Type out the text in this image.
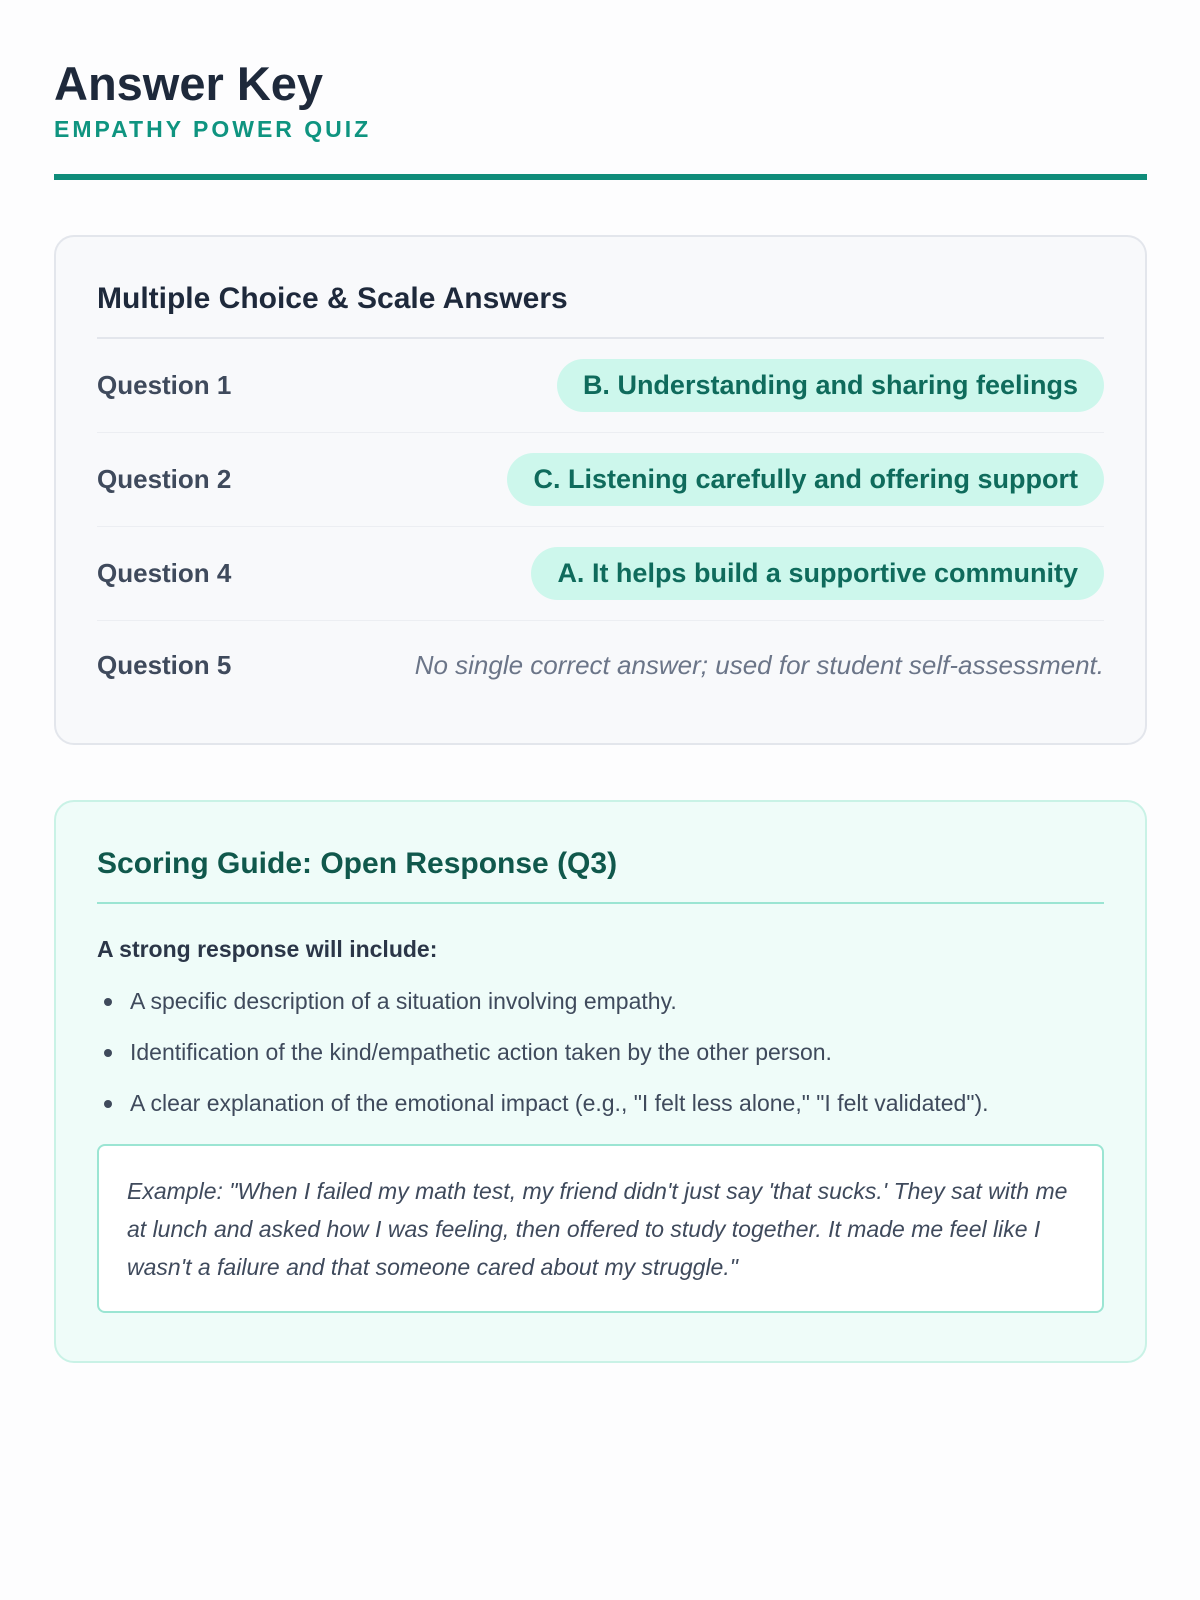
Answer Key
EMPATHY POWER QUIZ
Multiple Choice & Scale Answers
Question 1	B. Understanding and sharing feelings
Question 2	C. Listening carefully and offering support
Question 4	A. It helps build a supportive community
Question 5	No single correct answer; used for student self-assessment.
Scoring Guide: Open Response (Q3)
A strong response will include:
A specific description of a situation involving empathy.
Identification of the kind/empathetic action taken by the other person.
A clear explanation of the emotional impact (e.g., "I felt less alone," "I felt validated").
Example: "When I failed my math test, my friend didn't just say 'that sucks.' They sat with me at lunch and asked how I was feeling, then offered to study together. It made me feel like I wasn't a failure and that someone cared about my struggle."
